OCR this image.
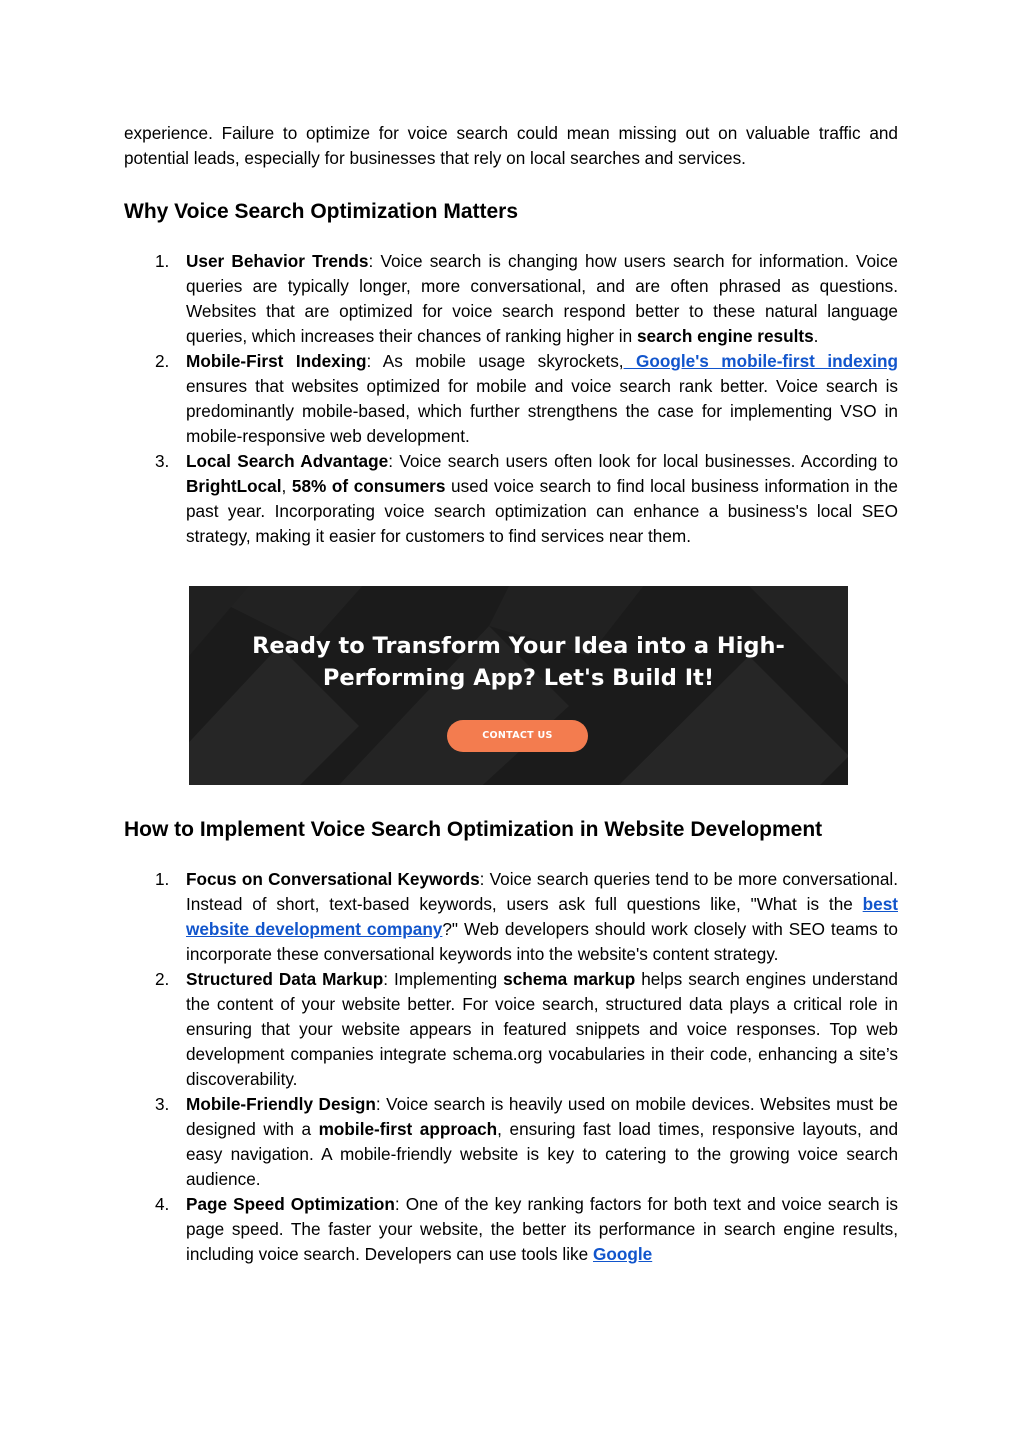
experience. Failure to optimize for voice search could mean missing out on valuable traffic and potential leads, especially for businesses that rely on local searches and services.

Why Voice Search Optimization Matters
1. User Behavior Trends: Voice search is changing how users search for information. Voice queries are typically longer, more conversational, and are often phrased as questions. Websites that are optimized for voice search respond better to these natural language queries, which increases their chances of ranking higher in search engine results.
2. Mobile-First Indexing: As mobile usage skyrockets, Google's mobile-first indexing ensures that websites optimized for mobile and voice search rank better. Voice search is predominantly mobile-based, which further strengthens the case for implementing VSO in mobile-responsive web development.
3. Local Search Advantage: Voice search users often look for local businesses. According to BrightLocal, 58% of consumers used voice search to find local business information in the past year. Incorporating voice search optimization can enhance a business's local SEO strategy, making it easier for customers to find services near them.
Ready to Transform Your Idea into a High-
Performing App? Let's Build It!
CONTACT US
How to Implement Voice Search Optimization in Website Development
1. Focus on Conversational Keywords: Voice search queries tend to be more conversational. Instead of short, text-based keywords, users ask full questions like, "What is the best website development company?" Web developers should work closely with SEO teams to incorporate these conversational keywords into the website's content strategy.
2. Structured Data Markup: Implementing schema markup helps search engines understand the content of your website better. For voice search, structured data plays a critical role in ensuring that your website appears in featured snippets and voice responses. Top web development companies integrate schema.org vocabularies in their code, enhancing a site’s discoverability.
3. Mobile-Friendly Design: Voice search is heavily used on mobile devices. Websites must be designed with a mobile-first approach, ensuring fast load times, responsive layouts, and easy navigation. A mobile-friendly website is key to catering to the growing voice search audience.
4. Page Speed Optimization: One of the key ranking factors for both text and voice search is page speed. The faster your website, the better its performance in search engine results, including voice search. Developers can use tools like Google
